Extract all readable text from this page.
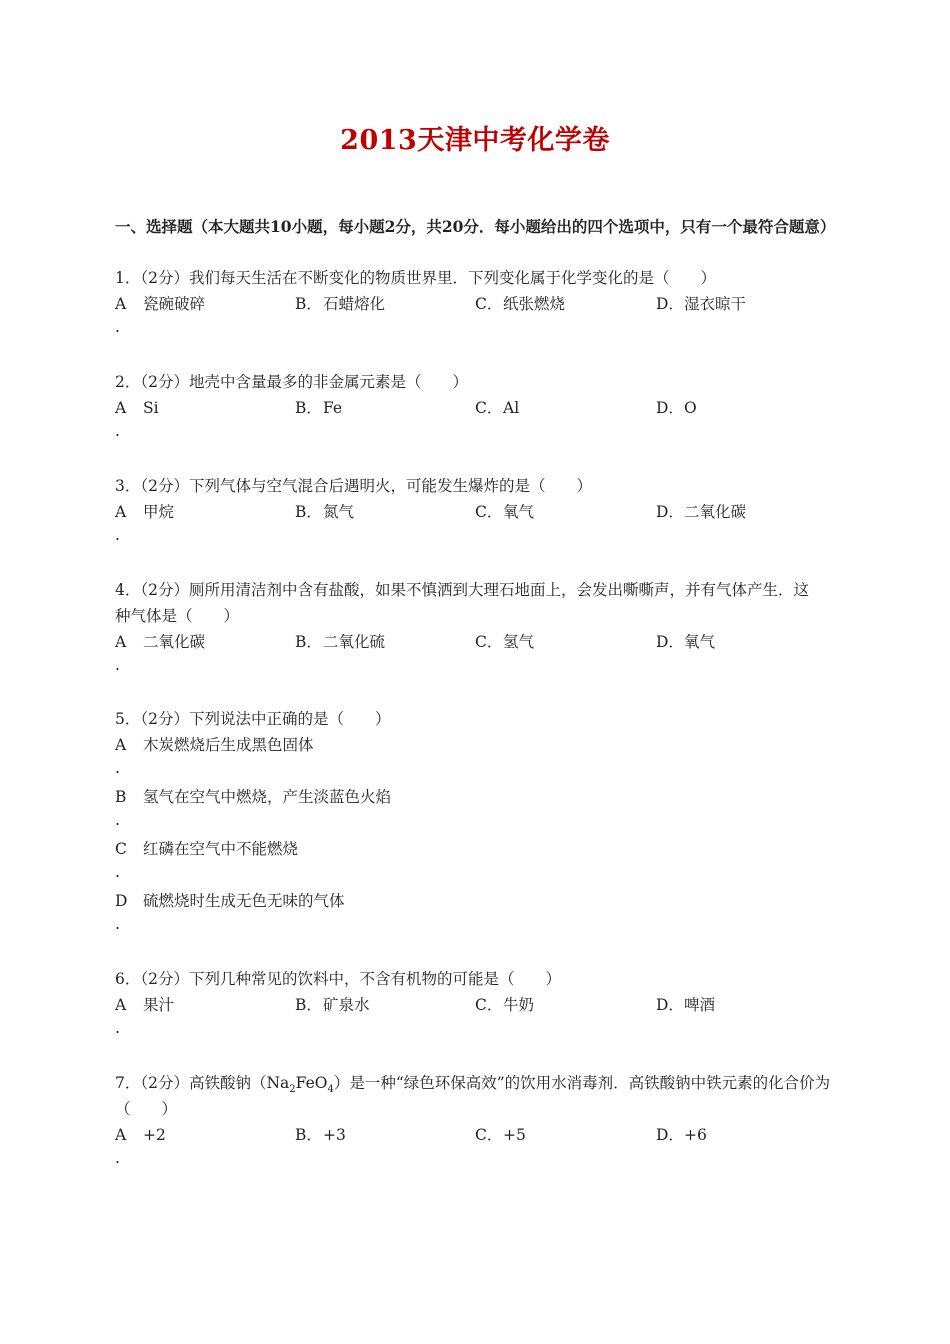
2013天津中考化学卷
一、选择题（本大题共10小题，每小题2分，共20分．每小题给出的四个选项中，只有一个最符合题意）
1．（2分）我们每天生活在不断变化的物质世界里．下列变化属于化学变化的是（　　）
A 瓷碗破碎	B．石蜡熔化	C．纸张燃烧	D．湿衣晾干
.
2．（2分）地壳中含量最多的非金属元素是（　　）
A Si	B．Fe	C．Al	D．O
.
3．（2分）下列气体与空气混合后遇明火，可能发生爆炸的是（　　）
A 甲烷	B．氮气	C．氧气	D．二氧化碳
.
4．（2分）厕所用清洁剂中含有盐酸，如果不慎洒到大理石地面上，会发出嘶嘶声，并有气体产生．这种气体是（　　）
A 二氧化碳	B．二氧化硫	C．氢气	D．氧气
.
5．（2分）下列说法中正确的是（　　）
A 木炭燃烧后生成黑色固体
.
B 氢气在空气中燃烧，产生淡蓝色火焰
.
C 红磷在空气中不能燃烧
.
D 硫燃烧时生成无色无味的气体
.
6．（2分）下列几种常见的饮料中，不含有机物的可能是（　　）
A 果汁	B．矿泉水	C．牛奶	D．啤酒
.
7．（2分）高铁酸钠$(Na_2FeO_4)$是一种“绿色环保高效”的饮用水消毒剂．高铁酸钠中铁元素的化合价为（　　）
A +2	B．+3	C．+5	D．+6
.
